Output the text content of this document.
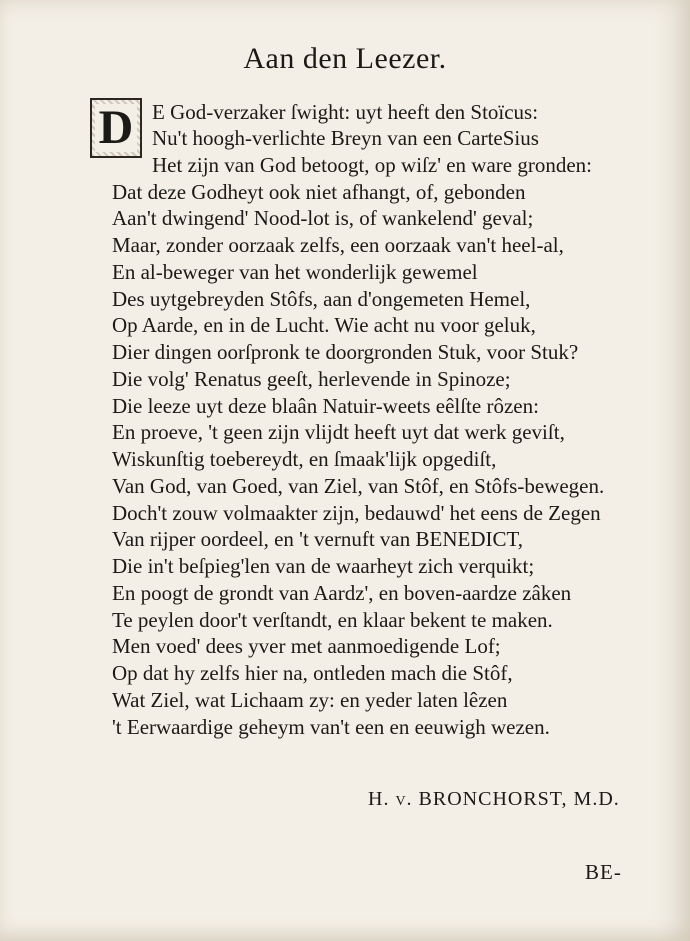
Aan den Leezer.
D E God-verzaker ſwight: uyt heeft den Stoïcus:
Nu't hoogh-verlichte Breyn van een CarteSius
Het zijn van God betoogt, op wiſz' en ware gronden:
Dat deze Godheyt ook niet afhangt, of, gebonden
Aan't dwingend' Nood-lot is, of wankelend' geval;
Maar, zonder oorzaak zelfs, een oorzaak van't heel-al,
En al-beweger van het wonderlijk gewemel
Des uytgebreyden Stôfs, aan d'ongemeten Hemel,
Op Aarde, en in de Lucht. Wie acht nu voor geluk,
Dier dingen oorſpronk te doorgronden Stuk, voor Stuk?
Die volg' Renatus geeſt, herlevende in Spinoze;
Die leeze uyt deze blaân Natuir-weets eêlſte rôzen:
En proeve, 't geen zijn vlijdt heeft uyt dat werk geviſt,
Wiskunſtig toebereydt, en ſmaak'lijk opgediſt,
Van God, van Goed, van Ziel, van Stôf, en Stôfs-bewegen.
Doch't zouw volmaakter zijn, bedauwd' het eens de Zegen
Van rijper oordeel, en 't vernuft van BENEDICT,
Die in't beſpieg'len van de waarheyt zich verquikt;
En poogt de grondt van Aardz', en boven-aardze zâken
Te peylen door't verſtandt, en klaar bekent te maken.
Men voed' dees yver met aanmoedigende Lof;
Op dat hy zelfs hier na, ontleden mach die Stôf,
Wat Ziel, wat Lichaam zy: en yeder laten lêzen
't Eerwaardige geheym van't een en eeuwigh wezen.
H. v. BRONCHORST, M.D.
BE-
